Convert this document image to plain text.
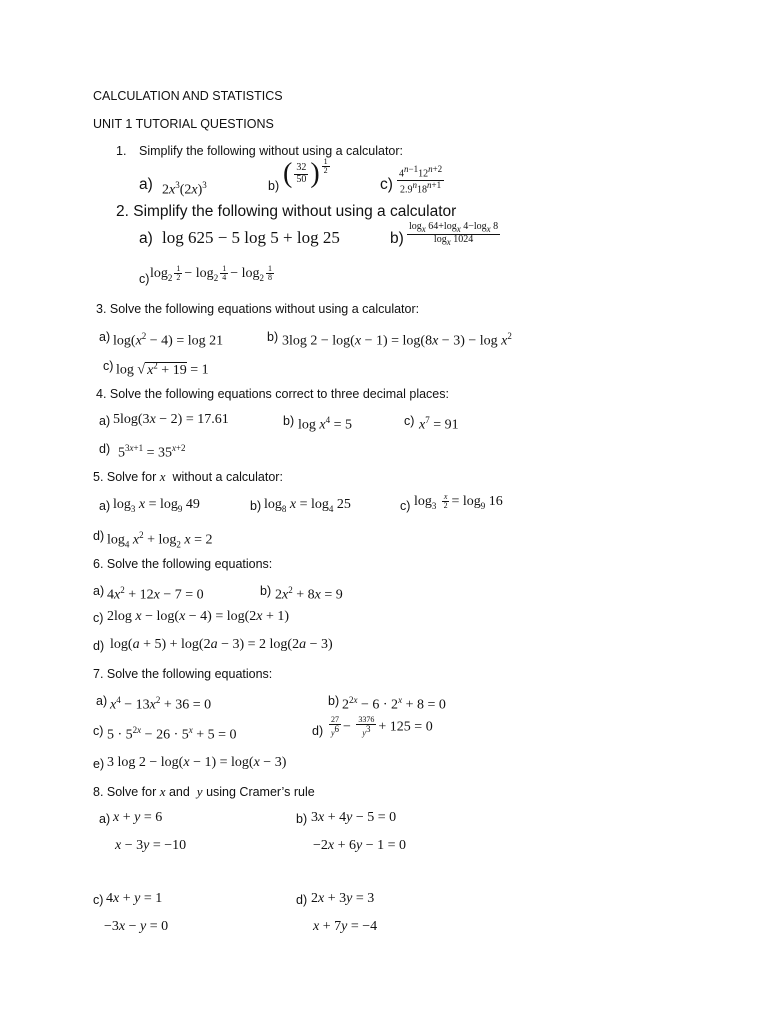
CALCULATION AND STATISTICS
UNIT 1 TUTORIAL QUESTIONS
1. Simplify the following without using a calculator:
a) $2x^3(2x)^3$	b) ( $\frac{32}{50}$ ) $\frac{1}{2}$
$c) \frac{4^{n-1}12^{n+2}}{2.9^n18^{n+1}}$
2. Simplify the following without using a calculator
a) log 625 − 5 log 5 + log 25	$b) \frac{\log_x 64+\log_x 4-\log_x 8}{\log_x 1024}$
c) $\log_2 \frac{1}{2} - \log_2 \frac{1}{4} - \log_2 \frac{1}{8}$
3. Solve the following equations without using a calculator:
a) $\log(x^2 - 4) = \log 21$	b) 3log $2 - \log(x - 1) = \log(8x - 3) - \log x^2$
c) log √ $x^2 + 19 = 1$
4. Solve the following equations correct to three decimal places:
a) 5log(3x − 2) = 17.61	b) $\log x^4 = 5$	c) $x^7 = 91$
d) $5^{3x+1} = 35^{x+2}$
5. Solve for x without a calculator:
a) $\log_3 x = \log_9 49$	b) $\log_8 x = \log_4 25$	c) $\log_3 \frac{x}{2} = \log_9 16$
d) $\log_4 x^2 + \log_2 x = 2$
6. Solve the following equations:
a) $4x^2 + 12x - 7 = 0$	b) $2x^2 + 8x = 9$
c) 2log x − log(x − 4) = log(2x + 1)
d) log(a + 5) + log(2a − 3) = 2 log(2a − 3)
7. Solve the following equations:
a) $x^4 - 13x^2 + 36 = 0$	b) $2^{2x} - 6 \cdot 2^x + 8 = 0$
c) $5 \cdot 5^{2x} - 26 \cdot 5^x + 5 = 0$	$d) \frac{27}{y^6} - \frac{3376}{y^3} + 125 = 0$
e) 3 log 2 − log(x − 1) = log(x − 3)
8. Solve for x and y using Cramer’s rule
a) x + y = 6
x − 3y = −10
b) 3x + 4y − 5 = 0
−2x + 6y − 1 = 0
c) 4x + y = 1
−3x − y = 0
d) 2x + 3y = 3
x + 7y = −4
